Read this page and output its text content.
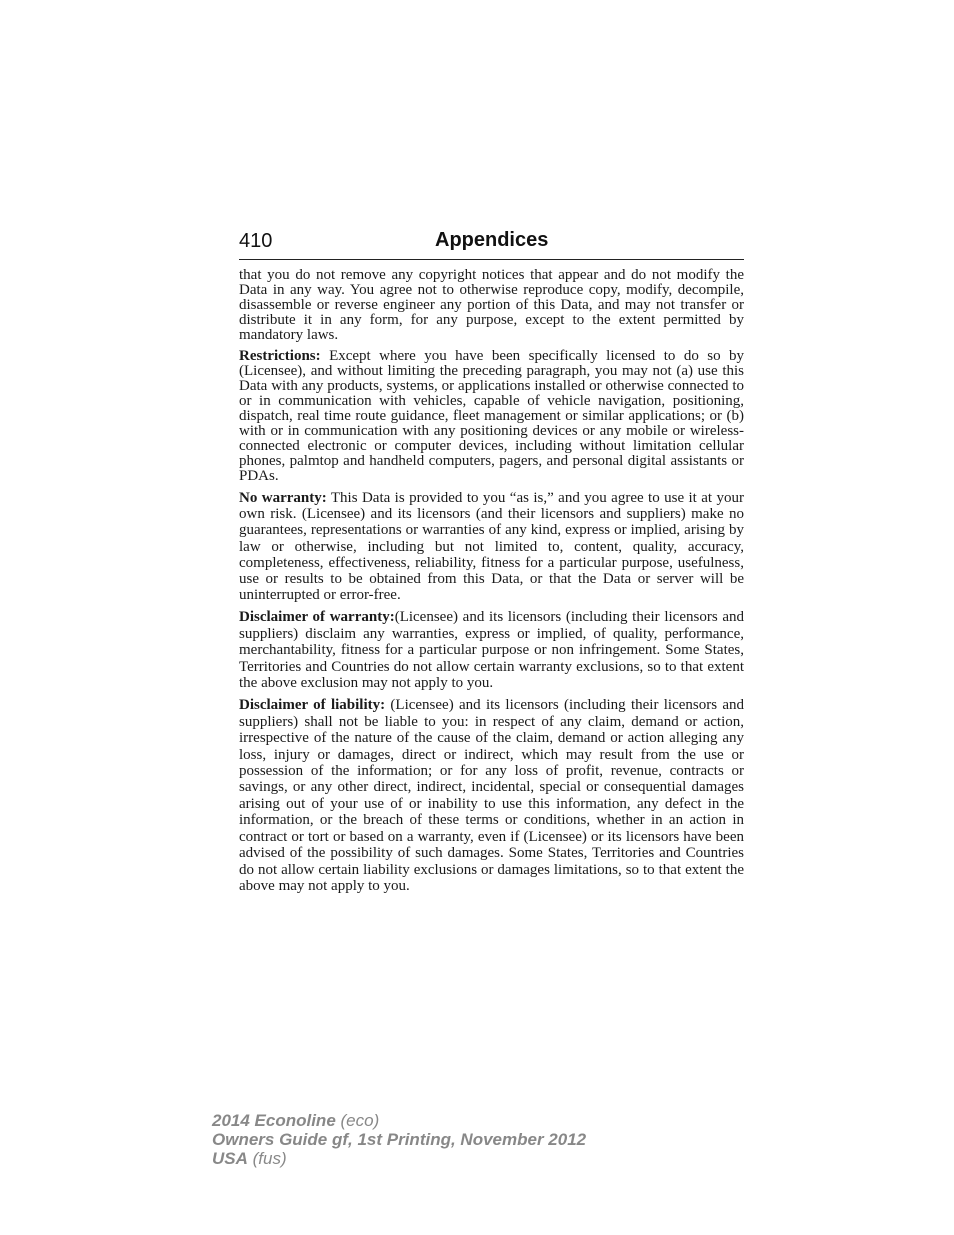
410	Appendices

that you do not remove any copyright notices that appear and do not modify the Data in any way. You agree not to otherwise reproduce copy, modify, decompile, disassemble or reverse engineer any portion of this Data, and may not transfer or distribute it in any form, for any purpose, except to the extent permitted by mandatory laws.

Restrictions: Except where you have been specifically licensed to do so by (Licensee), and without limiting the preceding paragraph, you may not (a) use this Data with any products, systems, or applications installed or otherwise connected to or in communication with vehicles, capable of vehicle navigation, positioning, dispatch, real time route guidance, fleet management or similar applications; or (b) with or in communication with any positioning devices or any mobile or wireless-connected electronic or computer devices, including without limitation cellular phones, palmtop and handheld computers, pagers, and personal digital assistants or PDAs.

No warranty: This Data is provided to you “as is,” and you agree to use it at your own risk. (Licensee) and its licensors (and their licensors and suppliers) make no guarantees, representations or warranties of any kind, express or implied, arising by law or otherwise, including but not limited to, content, quality, accuracy, completeness, effectiveness, reliability, fitness for a particular purpose, usefulness, use or results to be obtained from this Data, or that the Data or server will be uninterrupted or error-free.

Disclaimer of warranty:(Licensee) and its licensors (including their licensors and suppliers) disclaim any warranties, express or implied, of quality, performance, merchantability, fitness for a particular purpose or non infringement. Some States, Territories and Countries do not allow certain warranty exclusions, so to that extent the above exclusion may not apply to you.

Disclaimer of liability: (Licensee) and its licensors (including their licensors and suppliers) shall not be liable to you: in respect of any claim, demand or action, irrespective of the nature of the cause of the claim, demand or action alleging any loss, injury or damages, direct or indirect, which may result from the use or possession of the information; or for any loss of profit, revenue, contracts or savings, or any other direct, indirect, incidental, special or consequential damages arising out of your use of or inability to use this information, any defect in the information, or the breach of these terms or conditions, whether in an action in contract or tort or based on a warranty, even if (Licensee) or its licensors have been advised of the possibility of such damages. Some States, Territories and Countries do not allow certain liability exclusions or damages limitations, so to that extent the above may not apply to you.

2014 Econoline (eco)
Owners Guide gf, 1st Printing, November 2012
USA (fus)
